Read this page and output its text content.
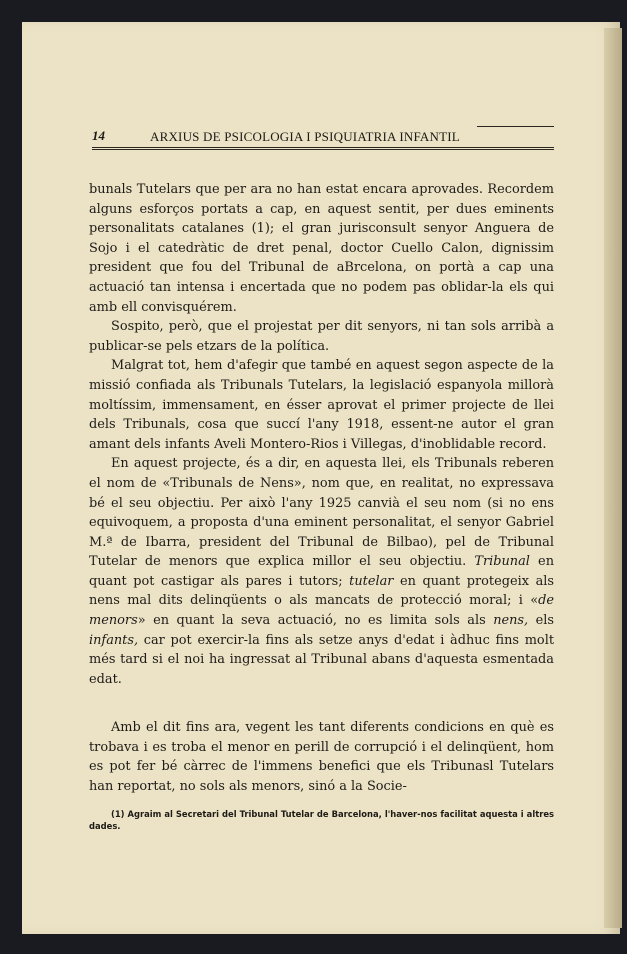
14	ARXIUS DE PSICOLOGIA I PSIQUIATRIA INFANTIL

bunals Tutelars que per ara no han estat encara aprovades. Recordem alguns esforços portats a cap, en aquest sentit, per dues eminents personalitats catalanes (1); el gran jurisconsult senyor Anguera de Sojo i el catedràtic de dret penal, doctor Cuello Calon, dignissim president que fou del Tribunal de aBrcelona, on portà a cap una actuació tan intensa i encertada que no podem pas oblidar-la els qui amb ell convisquérem.

Sospito, però, que el projestat per dit senyors, ni tan sols arribà a publicar-se pels etzars de la política.

Malgrat tot, hem d'afegir que també en aquest segon aspecte de la missió confiada als Tribunals Tutelars, la legislació espanyola millorà moltíssim, immensament, en ésser aprovat el primer projecte de llei dels Tribunals, cosa que succí l'any 1918, essent-ne autor el gran amant dels infants Aveli Montero-Rios i Villegas, d'inoblidable record.

En aquest projecte, és a dir, en aquesta llei, els Tribunals reberen el nom de «Tribunals de Nens», nom que, en realitat, no expressava bé el seu objectiu. Per això l'any 1925 canvià el seu nom (si no ens equivoquem, a proposta d'una eminent personalitat, el senyor Gabriel M.ª de Ibarra, president del Tribunal de Bilbao), pel de Tribunal Tutelar de menors que explica millor el seu objectiu. Tribunal en quant pot castigar als pares i tutors; tutelar en quant protegeix als nens mal dits delinqüents o als mancats de protecció moral; i «de menors» en quant la seva actuació, no es limita sols als nens, els infants, car pot exercir-la fins als setze anys d'edat i àdhuc fins molt més tard si el noi ha ingressat al Tribunal abans d'aquesta esmentada edat.

Amb el dit fins ara, vegent les tant diferents condicions en què es trobava i es troba el menor en perill de corrupció i el delinqüent, hom es pot fer bé càrrec de l'immens benefici que els Tribunasl Tutelars han reportat, no sols als menors, sinó a la Socie-

(1) Agraim al Secretari del Tribunal Tutelar de Barcelona, l'haver-nos facilitat aquesta i altres dades.
